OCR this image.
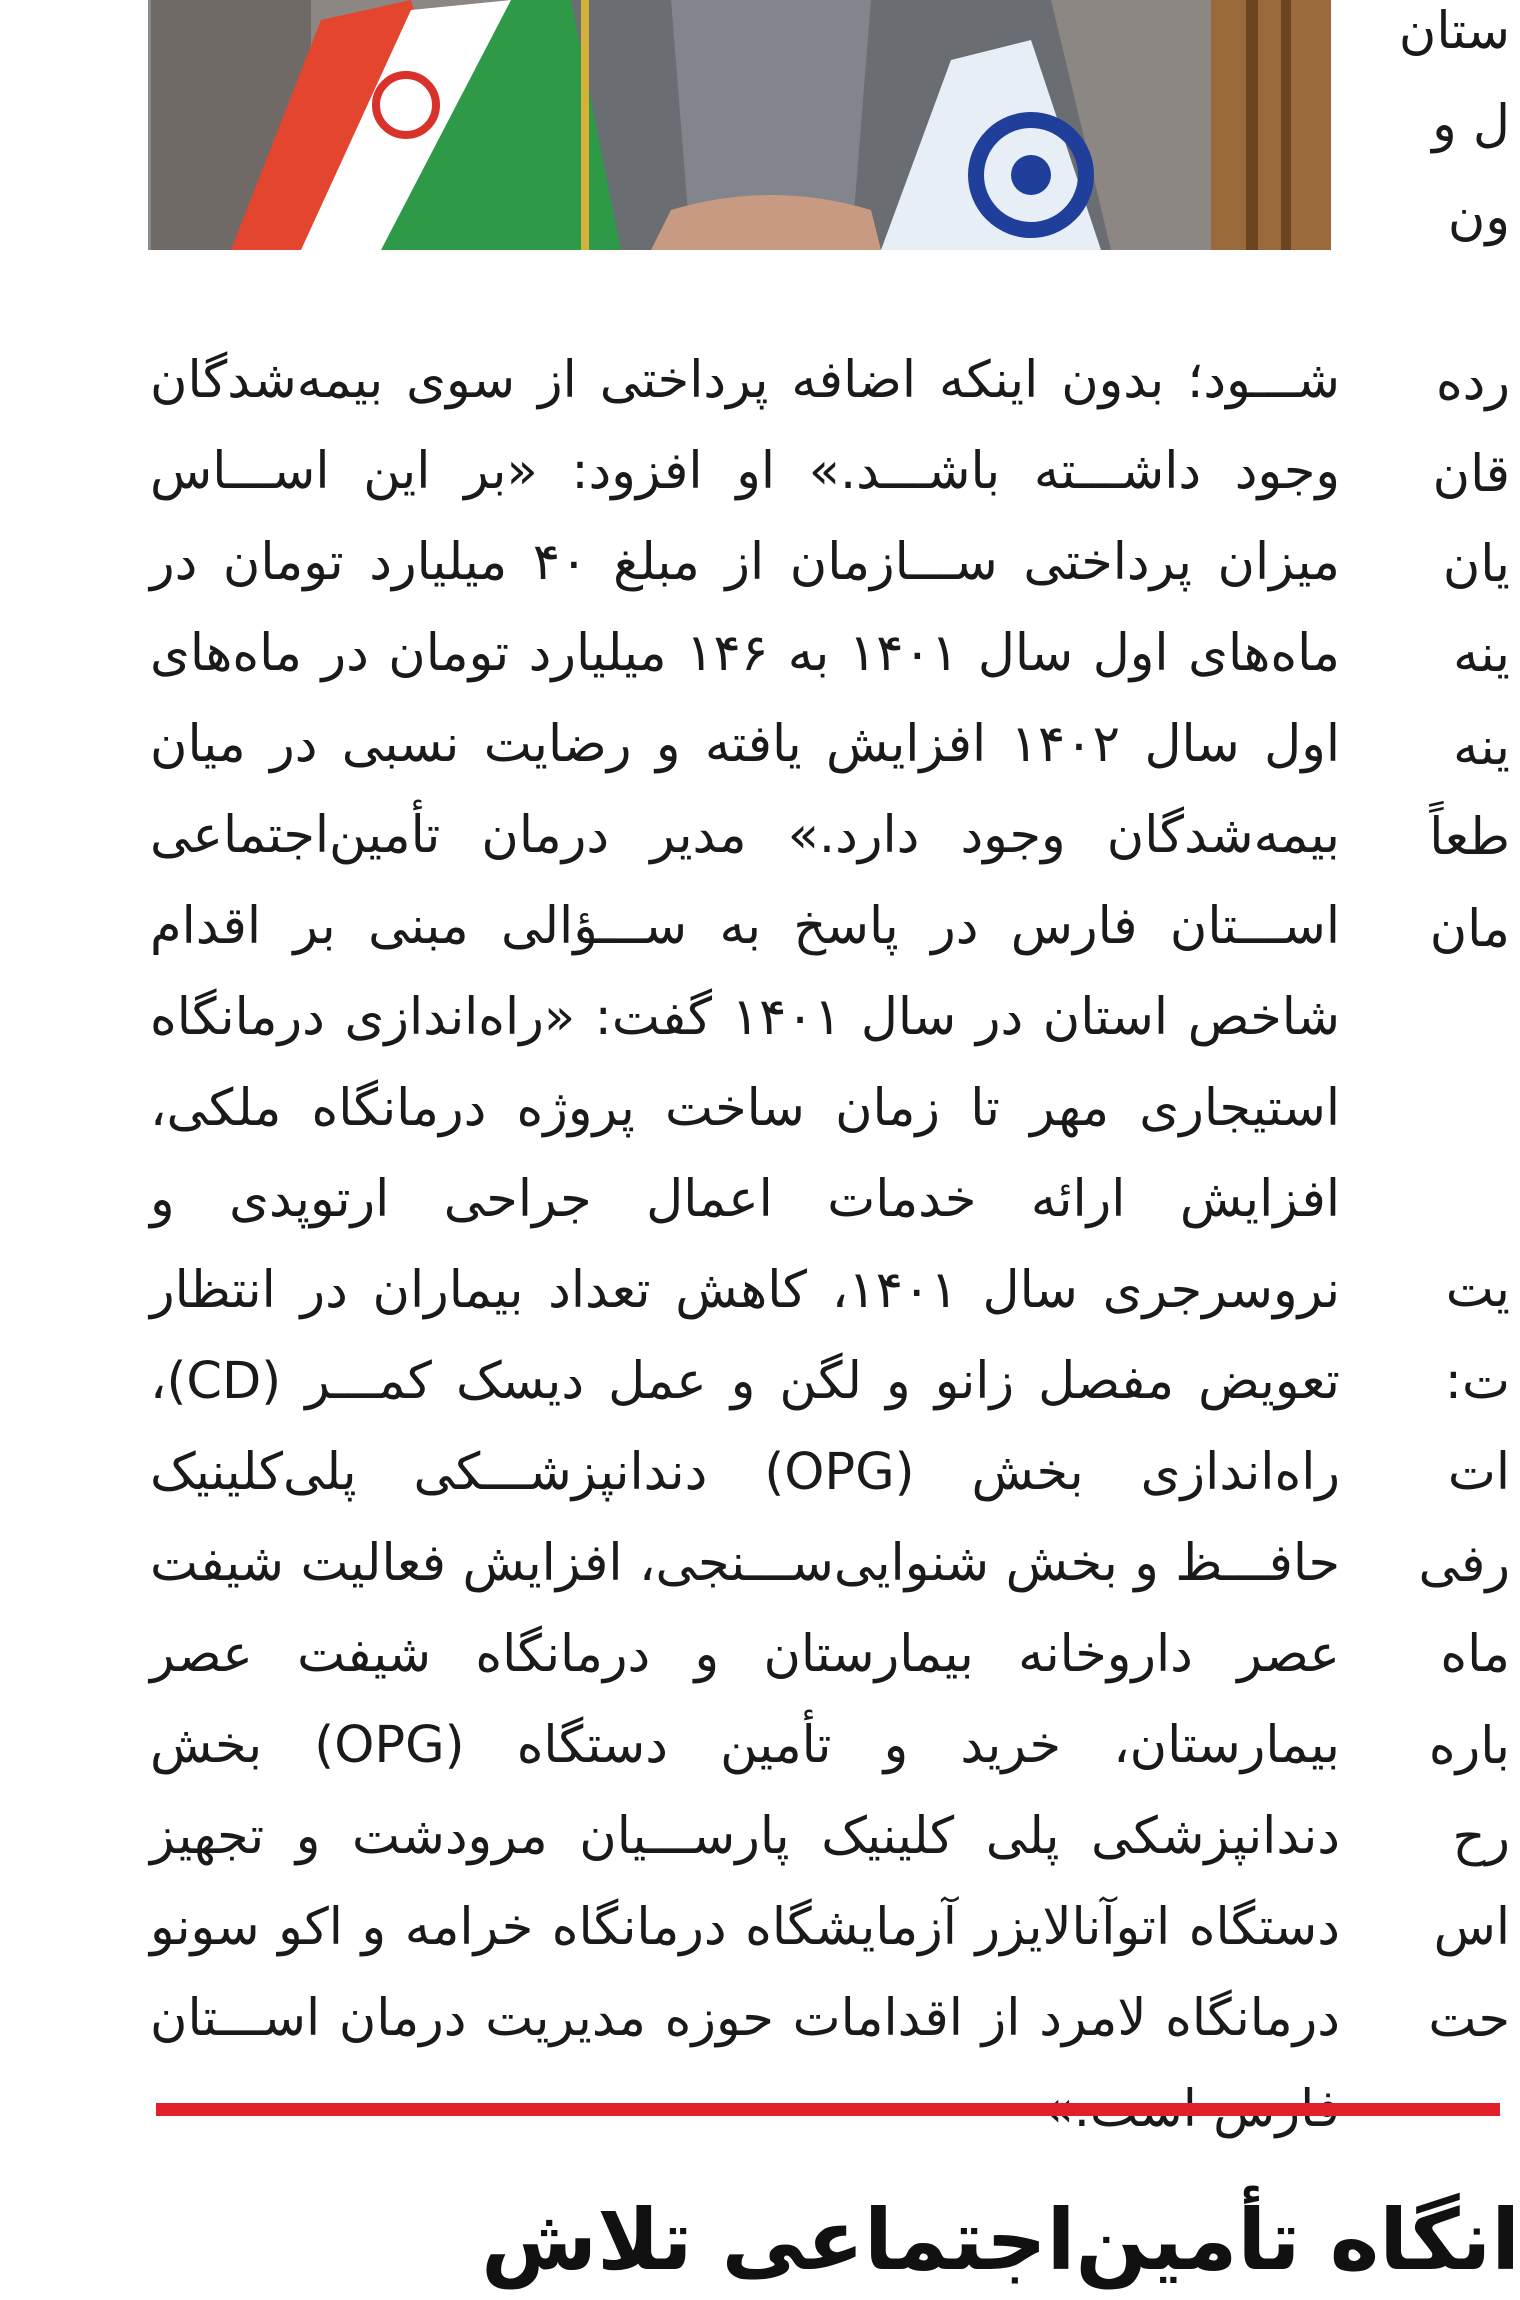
شـــود؛ بدون اینکه اضافه پرداختی از سوی بیمه‌شدگان وجود داشـــته باشـــد.» او افزود: «بر این اســـاس میزان پرداختی ســـازمان از مبلغ ۴۰ میلیارد تومان در ماه‌های اول سال ۱۴۰۱ به ۱۴۶ میلیارد تومان در ماه‌های اول سال ۱۴۰۲ افزایش یافته و رضایت نسبی در میان بیمه‌شدگان وجود دارد.» مدیر درمان تأمین‌اجتماعی اســـتان فارس در پاسخ به ســـؤالی مبنی بر اقدام شاخص استان در سال ۱۴۰۱ گفت: «راه‌اندازی درمانگاه استیجاری مهر تا زمان ساخت پروژه درمانگاه ملکی، افزایش ارائه خدمات اعمال جراحی ارتوپدی و نروسرجری سال ۱۴۰۱، کاهش تعداد بیماران در انتظار تعویض مفصل زانو و لگن و عمل دیسک کمـــر (CD)، راه‌اندازی بخش (OPG) دندانپزشـــکی پلی‌کلینیک حافـــظ و بخش شنوایی‌ســـنجی، افزایش فعالیت شیفت عصر داروخانه بیمارستان و درمانگاه شیفت عصر بیمارستان، خرید و تأمین دستگاه (OPG) بخش دندانپزشکی پلی کلینیک پارســـیان مرودشت و تجهیز دستگاه اتوآنالایزر آزمایشگاه درمانگاه خرامه و اکو سونو درمانگاه لامرد از اقدامات حوزه مدیریت درمان اســـتان

ستان
ل و
ون
رده
قان
یان
ینه
ینه
طعاً
مان
یت
ت:
ات
رفی
ماه
باره
رح
اس
حت
ِانگاه تأمین‌اجتماعی تلاش
